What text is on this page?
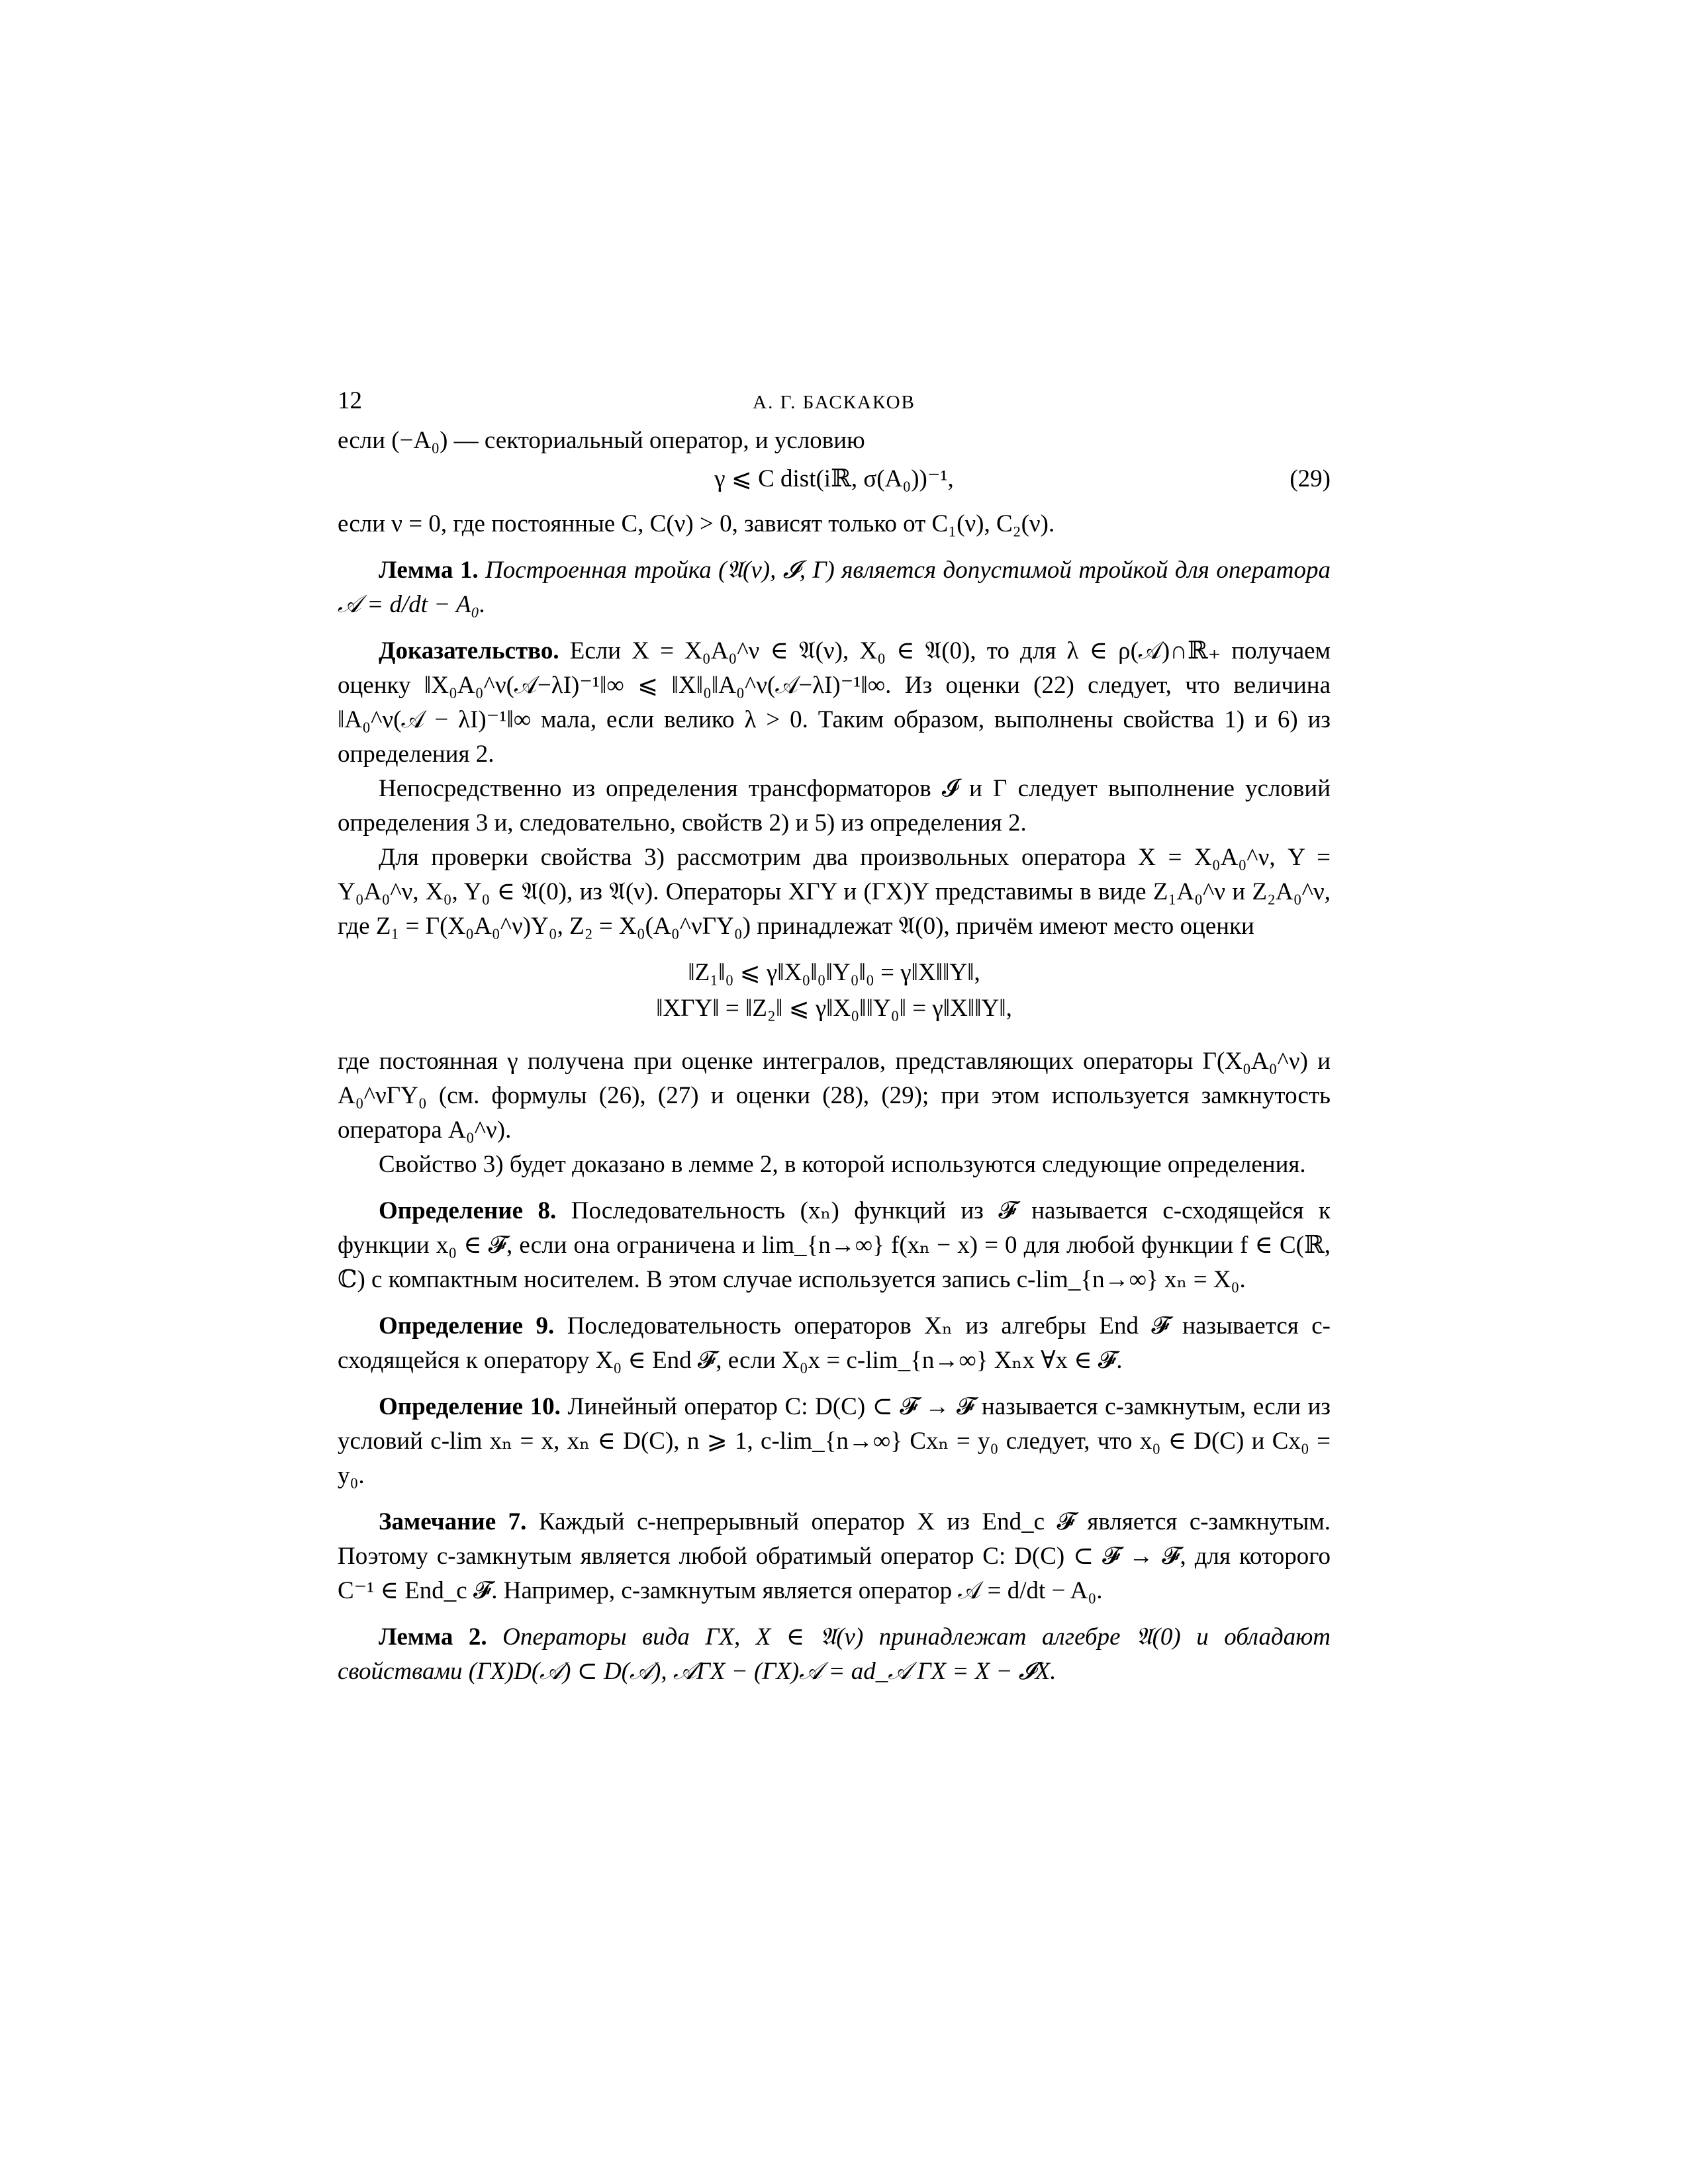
12	А. Г. БАСКАКОВ

если (−A₀) — секториальный оператор, и условию

γ ⩽ C dist(iℝ, σ(A₀))⁻¹,	(29)

если ν = 0, где постоянные C, C(ν) > 0, зависят только от C₁(ν), C₂(ν).

Лемма 1. Построенная тройка (𝔄(ν), 𝓘, Γ) является допустимой тройкой для оператора 𝒜 = d/dt − A₀.

Доказательство. Если X = X₀A₀^ν ∈ 𝔄(ν), X₀ ∈ 𝔄(0), то для λ ∈ ρ(𝒜)∩ℝ₊ получаем оценку ‖X₀A₀^ν(𝒜−λI)⁻¹‖∞ ⩽ ‖X‖₀‖A₀^ν(𝒜−λI)⁻¹‖∞. Из оценки (22) следует, что величина ‖A₀^ν(𝒜 − λI)⁻¹‖∞ мала, если велико λ > 0. Таким образом, выполнены свойства 1) и 6) из определения 2.

Непосредственно из определения трансформаторов 𝓘 и Γ следует выполнение условий определения 3 и, следовательно, свойств 2) и 5) из определения 2.

Для проверки свойства 3) рассмотрим два произвольных оператора X = X₀A₀^ν, Y = Y₀A₀^ν, X₀, Y₀ ∈ 𝔄(0), из 𝔄(ν). Операторы XΓY и (ΓX)Y представимы в виде Z₁A₀^ν и Z₂A₀^ν, где Z₁ = Γ(X₀A₀^ν)Y₀, Z₂ = X₀(A₀^νΓY₀) принадлежат 𝔄(0), причём имеют место оценки

‖Z₁‖₀ ⩽ γ‖X₀‖₀‖Y₀‖₀ = γ‖X‖‖Y‖,
‖XΓY‖ = ‖Z₂‖ ⩽ γ‖X₀‖‖Y₀‖ = γ‖X‖‖Y‖,

где постоянная γ получена при оценке интегралов, представляющих операторы Γ(X₀A₀^ν) и A₀^νΓY₀ (см. формулы (26), (27) и оценки (28), (29); при этом используется замкнутость оператора A₀^ν).

Свойство 3) будет доказано в лемме 2, в которой используются следующие определения.

Определение 8. Последовательность (xₙ) функций из 𝓕 называется c-сходящейся к функции x₀ ∈ 𝓕, если она ограничена и lim_{n→∞} f(xₙ − x) = 0 для любой функции f ∈ C(ℝ, ℂ) с компактным носителем. В этом случае используется запись c-lim_{n→∞} xₙ = X₀.

Определение 9. Последовательность операторов Xₙ из алгебры End 𝓕 называется c-сходящейся к оператору X₀ ∈ End 𝓕, если X₀x = c-lim_{n→∞} Xₙx ∀x ∈ 𝓕.

Определение 10. Линейный оператор C: D(C) ⊂ 𝓕 → 𝓕 называется c-замкнутым, если из условий c-lim xₙ = x, xₙ ∈ D(C), n ⩾ 1, c-lim_{n→∞} Cxₙ = y₀ следует, что x₀ ∈ D(C) и Cx₀ = y₀.

Замечание 7. Каждый c-непрерывный оператор X из End_c 𝓕 является c-замкнутым. Поэтому c-замкнутым является любой обратимый оператор C: D(C) ⊂ 𝓕 → 𝓕, для которого C⁻¹ ∈ End_c 𝓕. Например, c-замкнутым является оператор 𝒜 = d/dt − A₀.

Лемма 2. Операторы вида ΓX, X ∈ 𝔄(ν) принадлежат алгебре 𝔄(0) и обладают свойствами (ΓX)D(𝒜) ⊂ D(𝒜), 𝒜ΓX − (ΓX)𝒜 = ad_𝒜 ΓX = X − 𝓘X.
